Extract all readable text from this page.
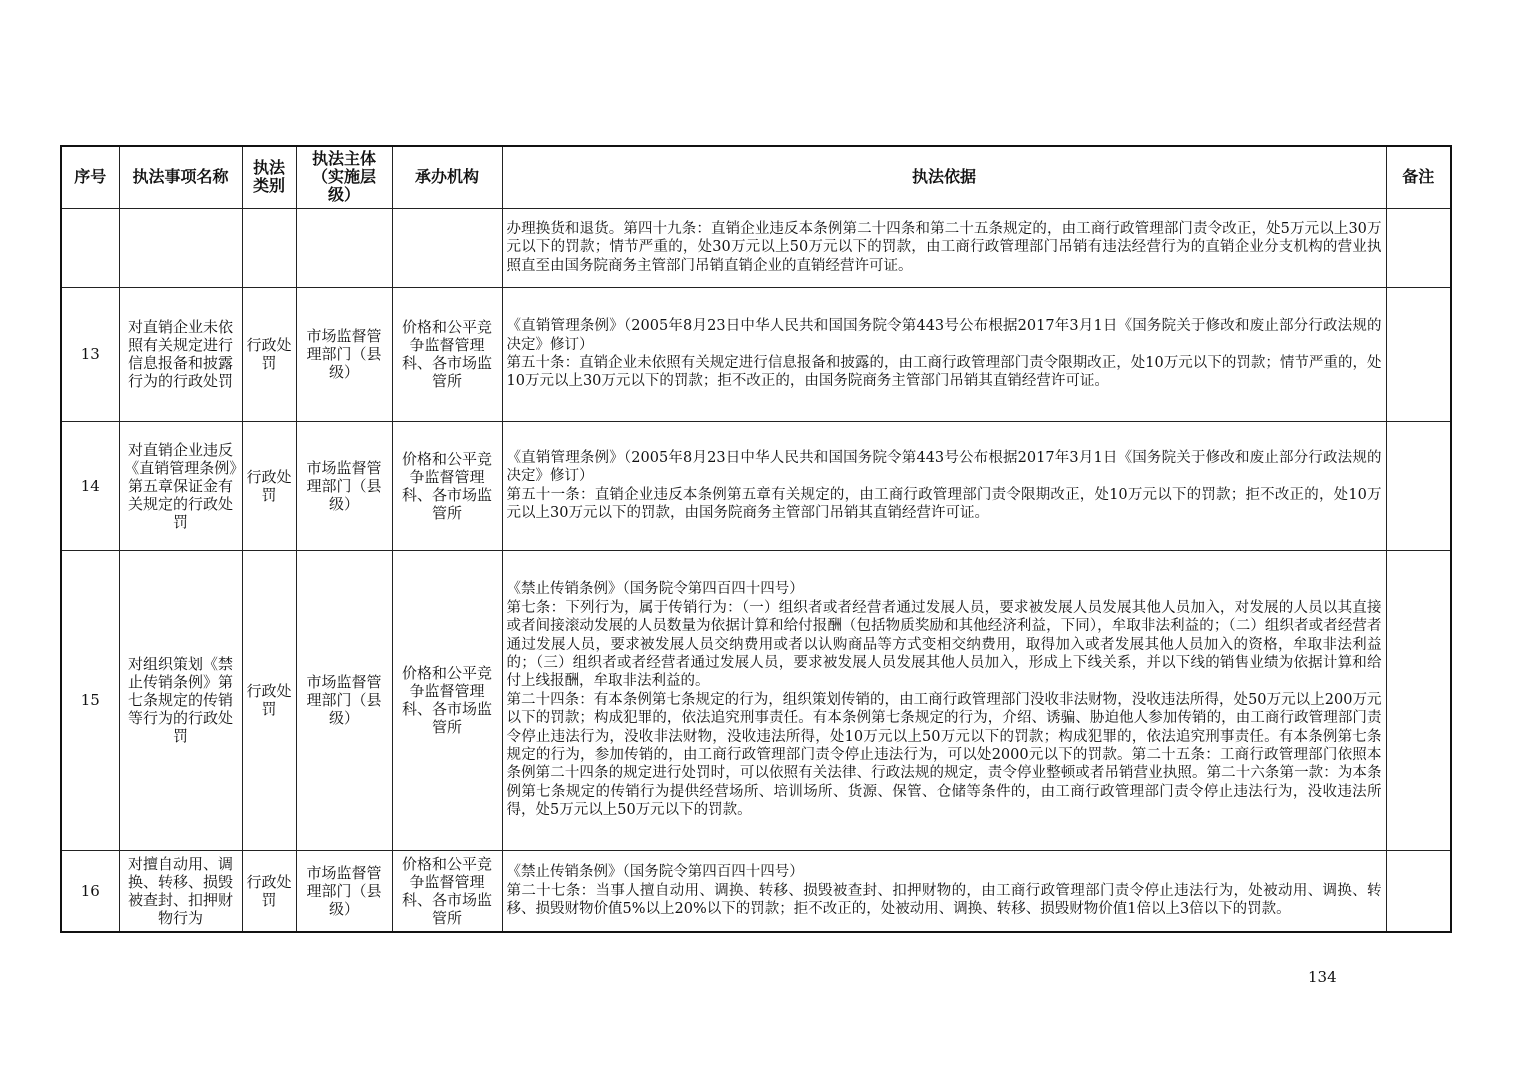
序号	执法事项名称	执法类别	执法主体（实施层级）	承办机构	执法依据	备注

					办理换货和退货。第四十九条：直销企业违反本条例第二十四条和第二十五条规定的，由工商行政管理部门责令改正，处5万元以上30万元以下的罚款；情节严重的，处30万元以上50万元以下的罚款，由工商行政管理部门吊销有违法经营行为的直销企业分支机构的营业执照直至由国务院商务主管部门吊销直销企业的直销经营许可证。	

13	对直销企业未依照有关规定进行信息报备和披露行为的行政处罚	行政处罚	市场监督管理部门（县级）	价格和公平竞争监督管理科、各市场监管所	《直销管理条例》（2005年8月23日中华人民共和国国务院令第443号公布根据2017年3月1日《国务院关于修改和废止部分行政法规的决定》修订）
第五十条：直销企业未依照有关规定进行信息报备和披露的，由工商行政管理部门责令限期改正，处10万元以下的罚款；情节严重的，处10万元以上30万元以下的罚款；拒不改正的，由国务院商务主管部门吊销其直销经营许可证。	

14	对直销企业违反《直销管理条例》第五章保证金有关规定的行政处罚	行政处罚	市场监督管理部门（县级）	价格和公平竞争监督管理科、各市场监管所	《直销管理条例》（2005年8月23日中华人民共和国国务院令第443号公布根据2017年3月1日《国务院关于修改和废止部分行政法规的决定》修订）
第五十一条：直销企业违反本条例第五章有关规定的，由工商行政管理部门责令限期改正，处10万元以下的罚款；拒不改正的，处10万元以上30万元以下的罚款，由国务院商务主管部门吊销其直销经营许可证。	

15	对组织策划《禁止传销条例》第七条规定的传销等行为的行政处罚	行政处罚	市场监督管理部门（县级）	价格和公平竞争监督管理科、各市场监管所	《禁止传销条例》（国务院令第四百四十四号）
第七条：下列行为，属于传销行为：（一）组织者或者经营者通过发展人员，要求被发展人员发展其他人员加入，对发展的人员以其直接或者间接滚动发展的人员数量为依据计算和给付报酬（包括物质奖励和其他经济利益，下同），牟取非法利益的；（二）组织者或者经营者通过发展人员，要求被发展人员交纳费用或者以认购商品等方式变相交纳费用，取得加入或者发展其他人员加入的资格，牟取非法利益的；（三）组织者或者经营者通过发展人员，要求被发展人员发展其他人员加入，形成上下线关系，并以下线的销售业绩为依据计算和给付上线报酬，牟取非法利益的。
第二十四条：有本条例第七条规定的行为，组织策划传销的，由工商行政管理部门没收非法财物，没收违法所得，处50万元以上200万元以下的罚款；构成犯罪的，依法追究刑事责任。有本条例第七条规定的行为，介绍、诱骗、胁迫他人参加传销的，由工商行政管理部门责令停止违法行为，没收非法财物，没收违法所得，处10万元以上50万元以下的罚款；构成犯罪的，依法追究刑事责任。有本条例第七条规定的行为，参加传销的，由工商行政管理部门责令停止违法行为，可以处2000元以下的罚款。第二十五条：工商行政管理部门依照本条例第二十四条的规定进行处罚时，可以依照有关法律、行政法规的规定，责令停业整顿或者吊销营业执照。第二十六条第一款：为本条例第七条规定的传销行为提供经营场所、培训场所、货源、保管、仓储等条件的，由工商行政管理部门责令停止违法行为，没收违法所得，处5万元以上50万元以下的罚款。	

16	对擅自动用、调换、转移、损毁被查封、扣押财物行为	行政处罚	市场监督管理部门（县级）	价格和公平竞争监督管理科、各市场监管所	《禁止传销条例》（国务院令第四百四十四号）
第二十七条：当事人擅自动用、调换、转移、损毁被查封、扣押财物的，由工商行政管理部门责令停止违法行为，处被动用、调换、转移、损毁财物价值5%以上20%以下的罚款；拒不改正的，处被动用、调换、转移、损毁财物价值1倍以上3倍以下的罚款。	

134
